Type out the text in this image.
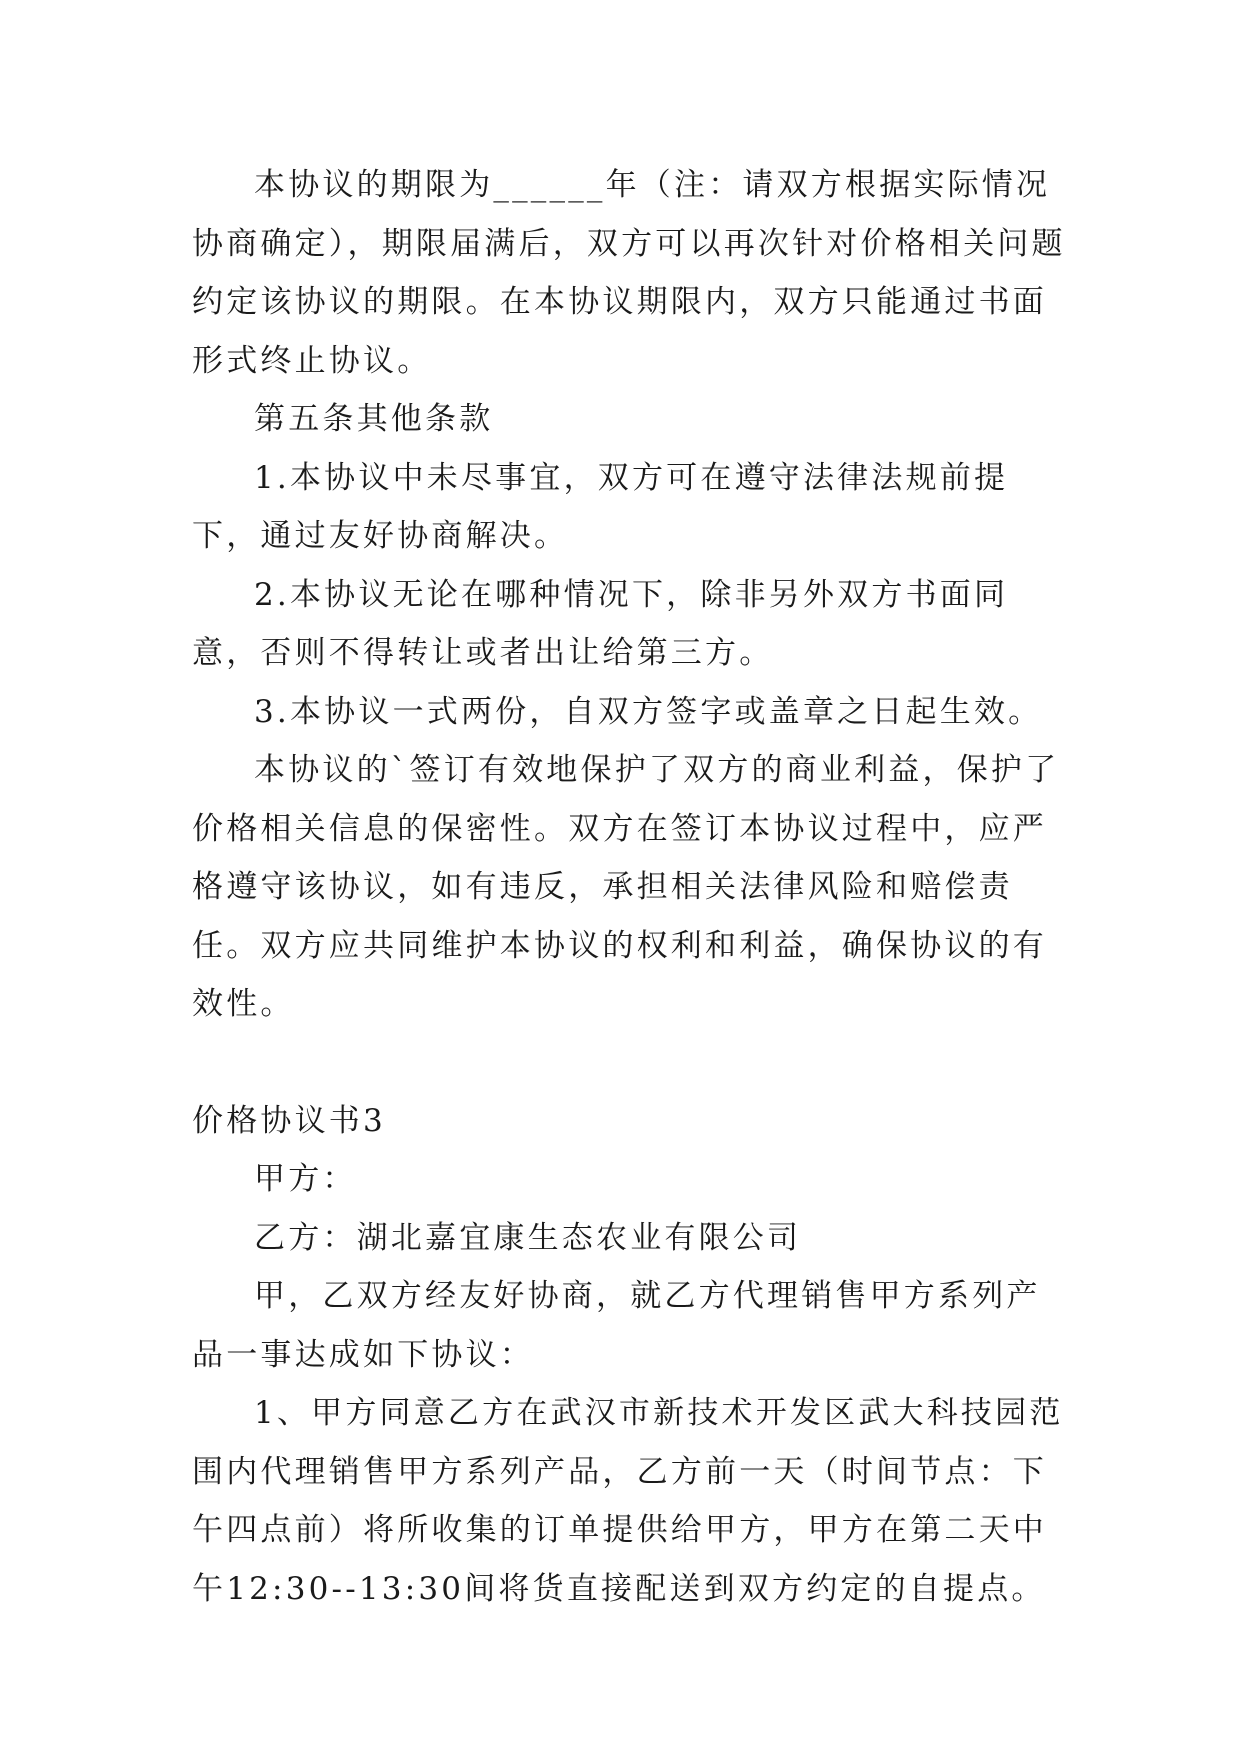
本协议的期限为______年（注：请双方根据实际情况协商确定），期限届满后，双方可以再次针对价格相关问题约定该协议的期限。在本协议期限内，双方只能通过书面形式终止协议。

第五条其他条款

1.本协议中未尽事宜，双方可在遵守法律法规前提下，通过友好协商解决。

2.本协议无论在哪种情况下，除非另外双方书面同意，否则不得转让或者出让给第三方。

3.本协议一式两份，自双方签字或盖章之日起生效。

本协议的`签订有效地保护了双方的商业利益，保护了价格相关信息的保密性。双方在签订本协议过程中，应严格遵守该协议，如有违反，承担相关法律风险和赔偿责任。双方应共同维护本协议的权利和利益，确保协议的有效性。

价格协议书3

甲方：

乙方：湖北嘉宜康生态农业有限公司

甲，乙双方经友好协商，就乙方代理销售甲方系列产品一事达成如下协议：

1、甲方同意乙方在武汉市新技术开发区武大科技园范围内代理销售甲方系列产品，乙方前一天（时间节点：下午四点前）将所收集的订单提供给甲方，甲方在第二天中午12:30--13:30间将货直接配送到双方约定的自提点。
